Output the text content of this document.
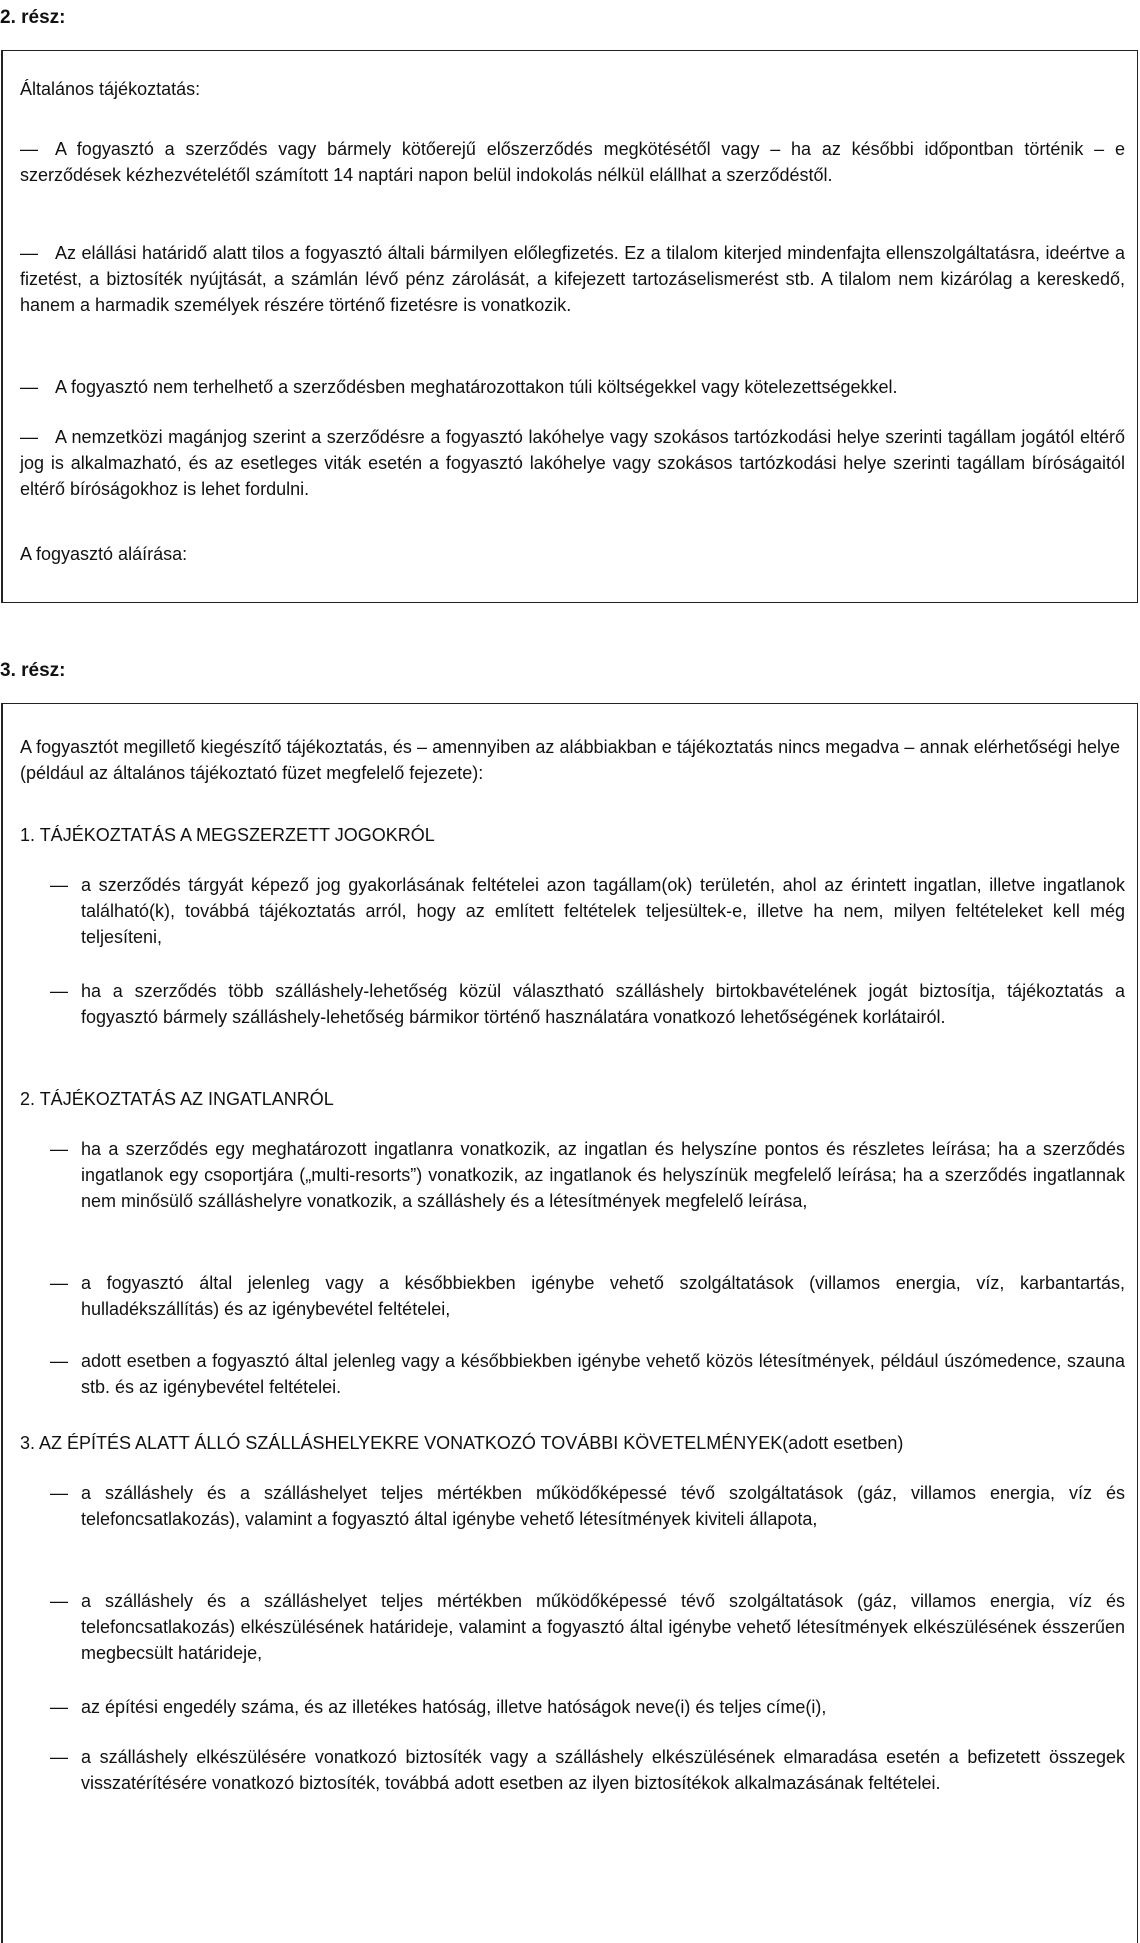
2. rész:

Általános tájékoztatás:

— A fogyasztó a szerződés vagy bármely kötőerejű előszerződés megkötésétől vagy – ha az későbbi időpontban történik – e szerződések kézhezvételétől számított 14 naptári napon belül indokolás nélkül elállhat a szerződéstől.

— Az elállási határidő alatt tilos a fogyasztó általi bármilyen előlegfizetés. Ez a tilalom kiterjed mindenfajta ellenszolgáltatásra, ideértve a fizetést, a biztosíték nyújtását, a számlán lévő pénz zárolását, a kifejezett tartozáselismerést stb. A tilalom nem kizárólag a kereskedő, hanem a harmadik személyek részére történő fizetésre is vonatkozik.

— A fogyasztó nem terhelhető a szerződésben meghatározottakon túli költségekkel vagy kötelezettségekkel.

— A nemzetközi magánjog szerint a szerződésre a fogyasztó lakóhelye vagy szokásos tartózkodási helye szerinti tagállam jogától eltérő jog is alkalmazható, és az esetleges viták esetén a fogyasztó lakóhelye vagy szokásos tartózkodási helye szerinti tagállam bíróságaitól eltérő bíróságokhoz is lehet fordulni.

A fogyasztó aláírása:

3. rész:

A fogyasztót megillető kiegészítő tájékoztatás, és – amennyiben az alábbiakban e tájékoztatás nincs megadva – annak elérhetőségi helye (például az általános tájékoztató füzet megfelelő fejezete):

1. TÁJÉKOZTATÁS A MEGSZERZETT JOGOKRÓL

— a szerződés tárgyát képező jog gyakorlásának feltételei azon tagállam(ok) területén, ahol az érintett ingatlan, illetve ingatlanok található(k), továbbá tájékoztatás arról, hogy az említett feltételek teljesültek-e, illetve ha nem, milyen feltételeket kell még teljesíteni,

— ha a szerződés több szálláshely-lehetőség közül választható szálláshely birtokbavételének jogát biztosítja, tájékoztatás a fogyasztó bármely szálláshely-lehetőség bármikor történő használatára vonatkozó lehetőségének korlátairól.

2. TÁJÉKOZTATÁS AZ INGATLANRÓL

— ha a szerződés egy meghatározott ingatlanra vonatkozik, az ingatlan és helyszíne pontos és részletes leírása; ha a szerződés ingatlanok egy csoportjára („multi-resorts”) vonatkozik, az ingatlanok és helyszínük megfelelő leírása; ha a szerződés ingatlannak nem minősülő szálláshelyre vonatkozik, a szálláshely és a létesítmények megfelelő leírása,

— a fogyasztó által jelenleg vagy a későbbiekben igénybe vehető szolgáltatások (villamos energia, víz, karbantartás, hulladékszállítás) és az igénybevétel feltételei,

— adott esetben a fogyasztó által jelenleg vagy a későbbiekben igénybe vehető közös létesítmények, például úszómedence, szauna stb. és az igénybevétel feltételei.

3. AZ ÉPÍTÉS ALATT ÁLLÓ SZÁLLÁSHELYEKRE VONATKOZÓ TOVÁBBI KÖVETELMÉNYEK(adott esetben)

— a szálláshely és a szálláshelyet teljes mértékben működőképessé tévő szolgáltatások (gáz, villamos energia, víz és telefoncsatlakozás), valamint a fogyasztó által igénybe vehető létesítmények kiviteli állapota,

— a szálláshely és a szálláshelyet teljes mértékben működőképessé tévő szolgáltatások (gáz, villamos energia, víz és telefoncsatlakozás) elkészülésének határideje, valamint a fogyasztó által igénybe vehető létesítmények elkészülésének ésszerűen megbecsült határideje,

— az építési engedély száma, és az illetékes hatóság, illetve hatóságok neve(i) és teljes címe(i),

— a szálláshely elkészülésére vonatkozó biztosíték vagy a szálláshely elkészülésének elmaradása esetén a befizetett összegek visszatérítésére vonatkozó biztosíték, továbbá adott esetben az ilyen biztosítékok alkalmazásának feltételei.
